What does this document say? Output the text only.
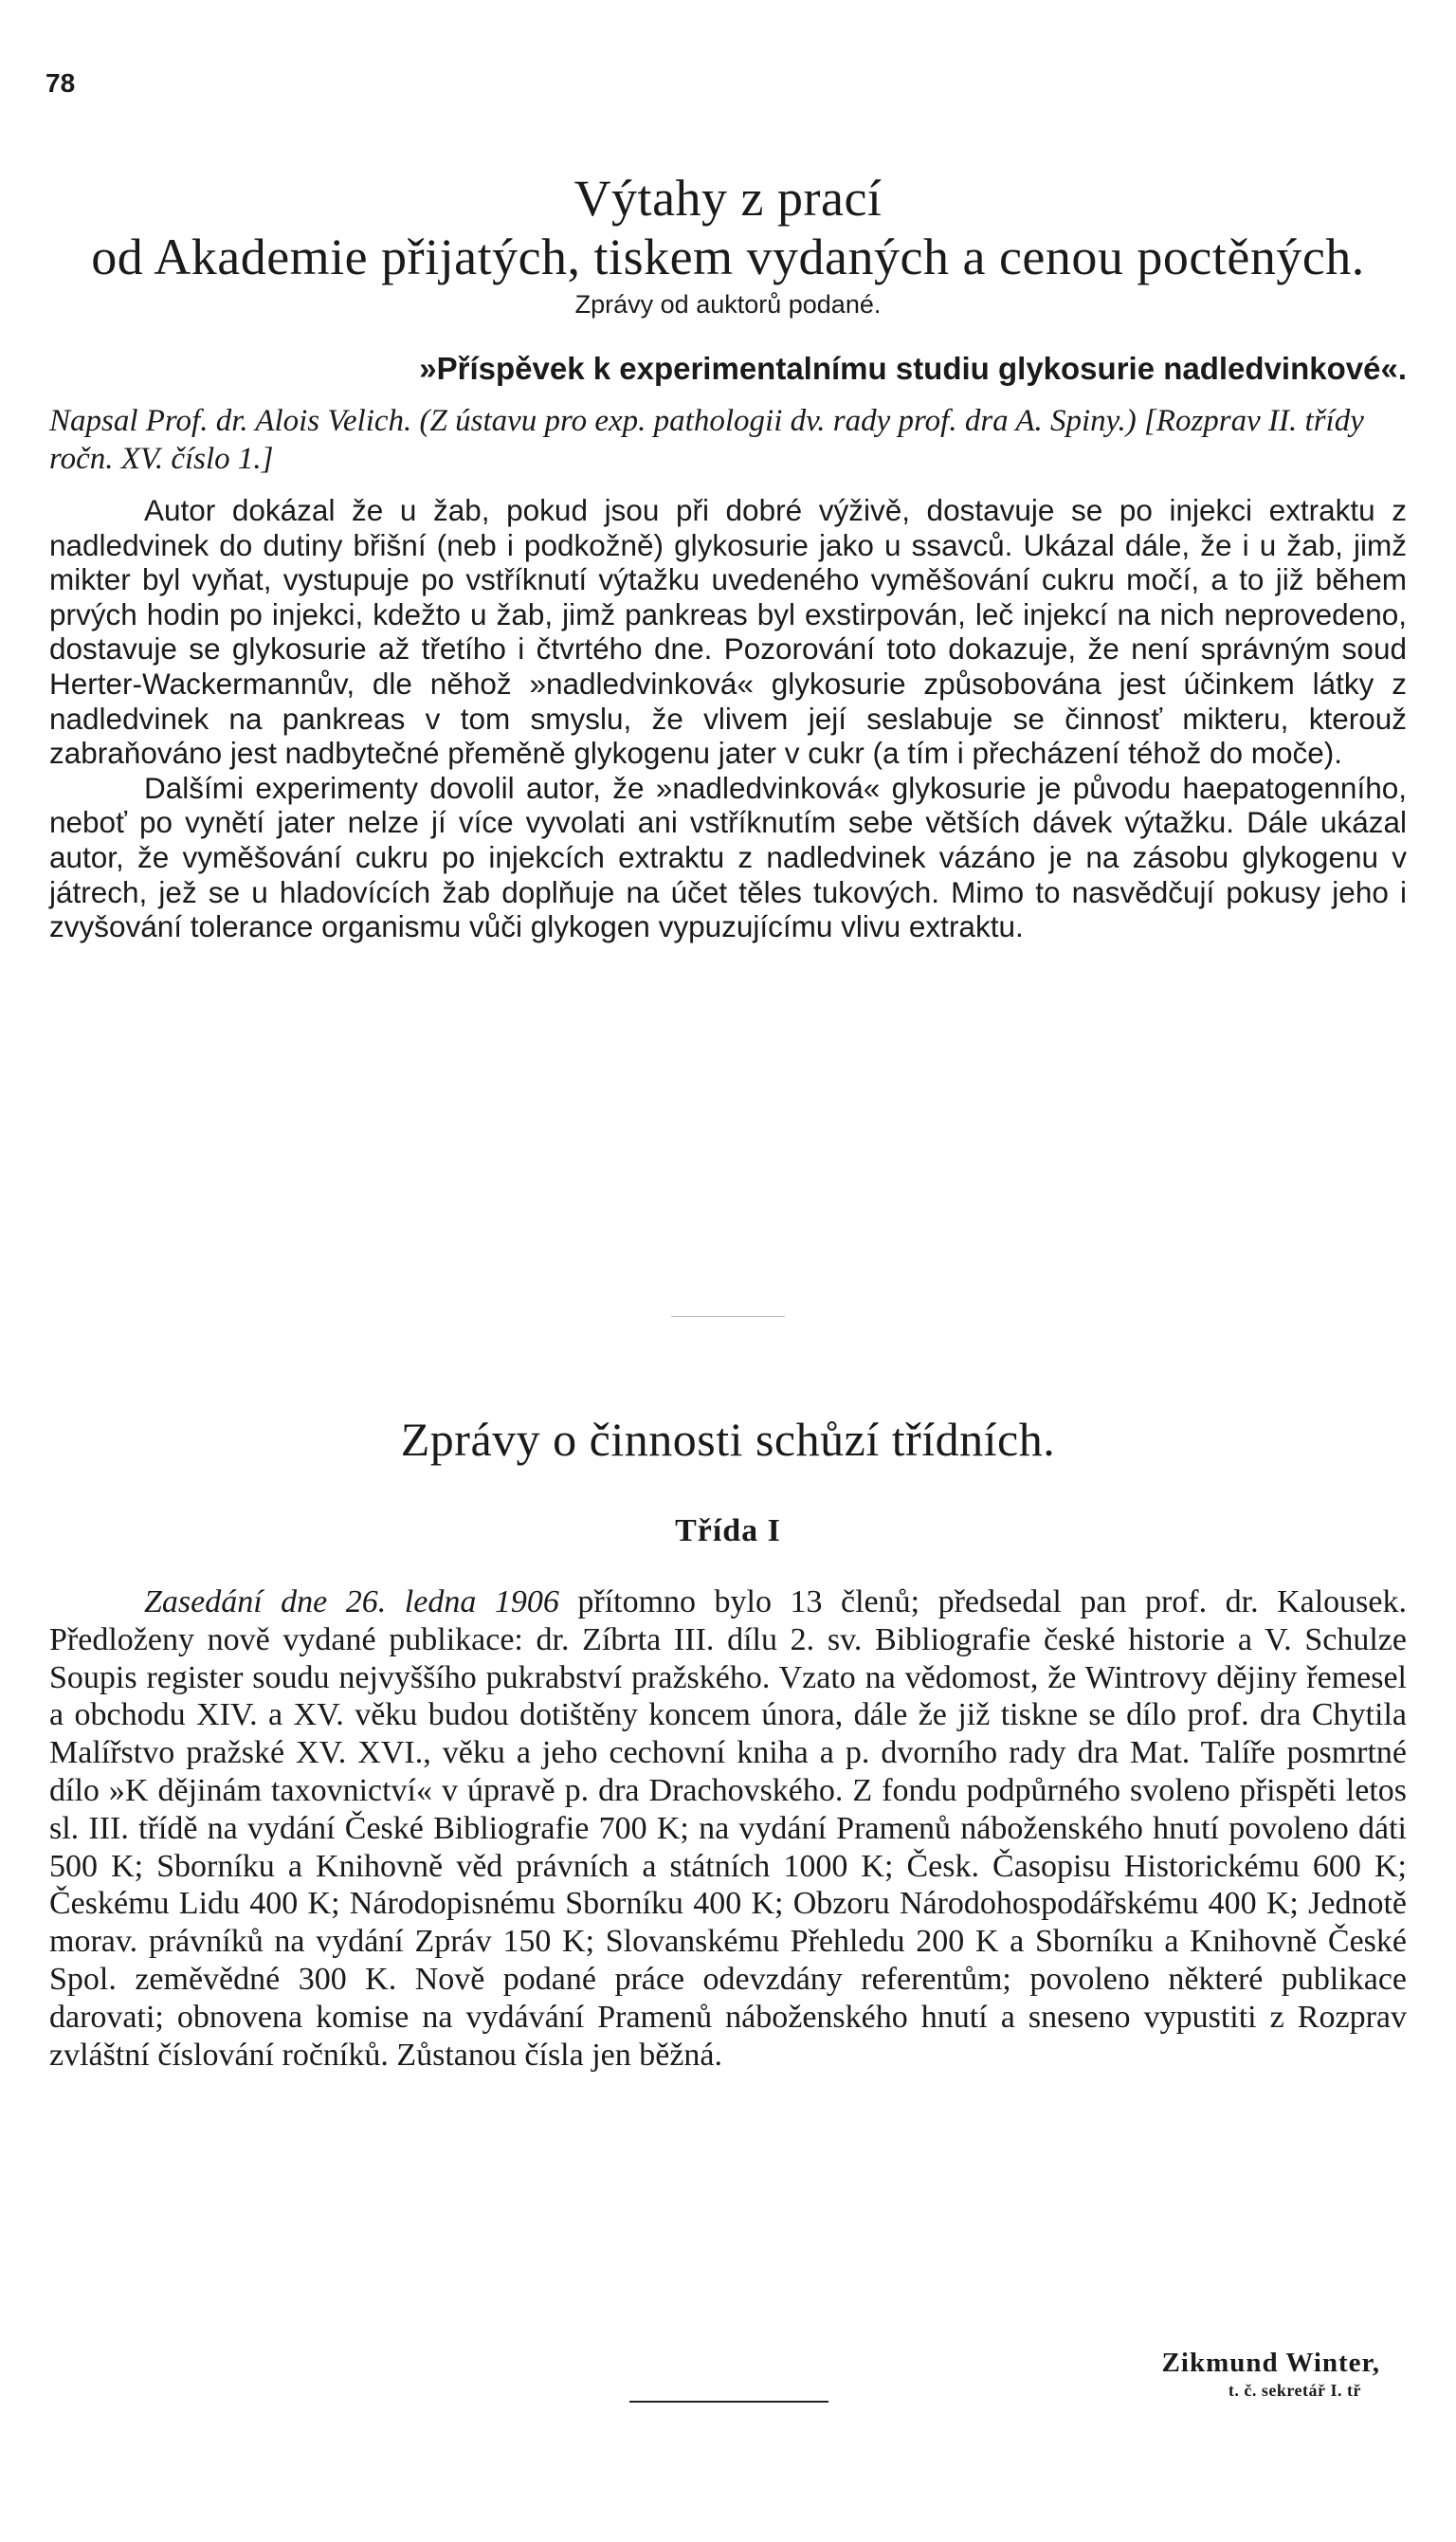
78
Výtahy z prací
od Akademie přijatých, tiskem vydaných a cenou poctěných.
Zprávy od auktorů podané.
»Příspěvek k experimentalnímu studiu glykosurie nadledvinkové«.
Napsal Prof. dr. Alois Velich. (Z ústavu pro exp. pathologii dv. rady prof. dra A. Spiny.) [Rozprav II. třídy ročn. XV. číslo 1.]

Autor dokázal že u žab, pokud jsou při dobré výživě, dostavuje se po injekci extraktu z nadledvinek do dutiny břišní (neb i podkožně) glykosurie jako u ssavců. Ukázal dále, že i u žab, jimž mikter byl vyňat, vystupuje po vstříknutí výtažku uvedeného vyměšování cukru močí, a to již během prvých hodin po injekci, kdežto u žab, jimž pankreas byl exstirpován, leč injekcí na nich neprovedeno, dostavuje se glykosurie až třetího i čtvrtého dne. Pozorování toto dokazuje, že není správným soud Herter-Wackermannův, dle něhož »nadledvinková« glykosurie způsobována jest účinkem látky z nadledvinek na pankreas v tom smyslu, že vlivem její seslabuje se činnosť mikteru, kterouž zabraňováno jest nadbytečné přeměně glykogenu jater v cukr (a tím i přecházení téhož do moče).

Dalšími experimenty dovolil autor, že »nadledvinková« glykosurie je původu haepatogenního, neboť po vynětí jater nelze jí více vyvolati ani vstříknutím sebe větších dávek výtažku. Dále ukázal autor, že vyměšování cukru po injekcích extraktu z nadledvinek vázáno je na zásobu glykogenu v játrech, jež se u hladovících žab doplňuje na účet těles tukových. Mimo to nasvědčují pokusy jeho i zvyšování tolerance organismu vůči glykogen vypuzujícímu vlivu extraktu.

Zprávy o činnosti schůzí třídních.
Třída I

Zasedání dne 26. ledna 1906 přítomno bylo 13 členů; předsedal pan prof. dr. Kalousek. Předloženy nově vydané publikace: dr. Zíbrta III. dílu 2. sv. Bibliografie české historie a V. Schulze Soupis register soudu nejvyššího pukrabství pražského. Vzato na vědomost, že Wintrovy dějiny řemesel a obchodu XIV. a XV. věku budou dotištěny koncem února, dále že již tiskne se dílo prof. dra Chytila Malířstvo pražské XV. XVI., věku a jeho cechovní kniha a p. dvorního rady dra Mat. Talíře posmrtné dílo »K dějinám taxovnictví« v úpravě p. dra Drachovského. Z fondu podpůrného svoleno přispěti letos sl. III. třídě na vydání České Bibliografie 700 K; na vydání Pramenů náboženského hnutí povoleno dáti 500 K; Sborníku a Knihovně věd právních a státních 1000 K; Česk. Časopisu Historickému 600 K; Českému Lidu 400 K; Národopisnému Sborníku 400 K; Obzoru Národohospodářskému 400 K; Jednotě morav. právníků na vydání Zpráv 150 K; Slovanskému Přehledu 200 K a Sborníku a Knihovně České Spol. zeměvědné 300 K. Nově podané práce odevzdány referentům; povoleno některé publikace darovati; obnovena komise na vydávání Pramenů náboženského hnutí a sneseno vypustiti z Rozprav zvláštní číslování ročníků. Zůstanou čísla jen běžná.

Zikmund Winter,
t. č. sekretář I. tř
